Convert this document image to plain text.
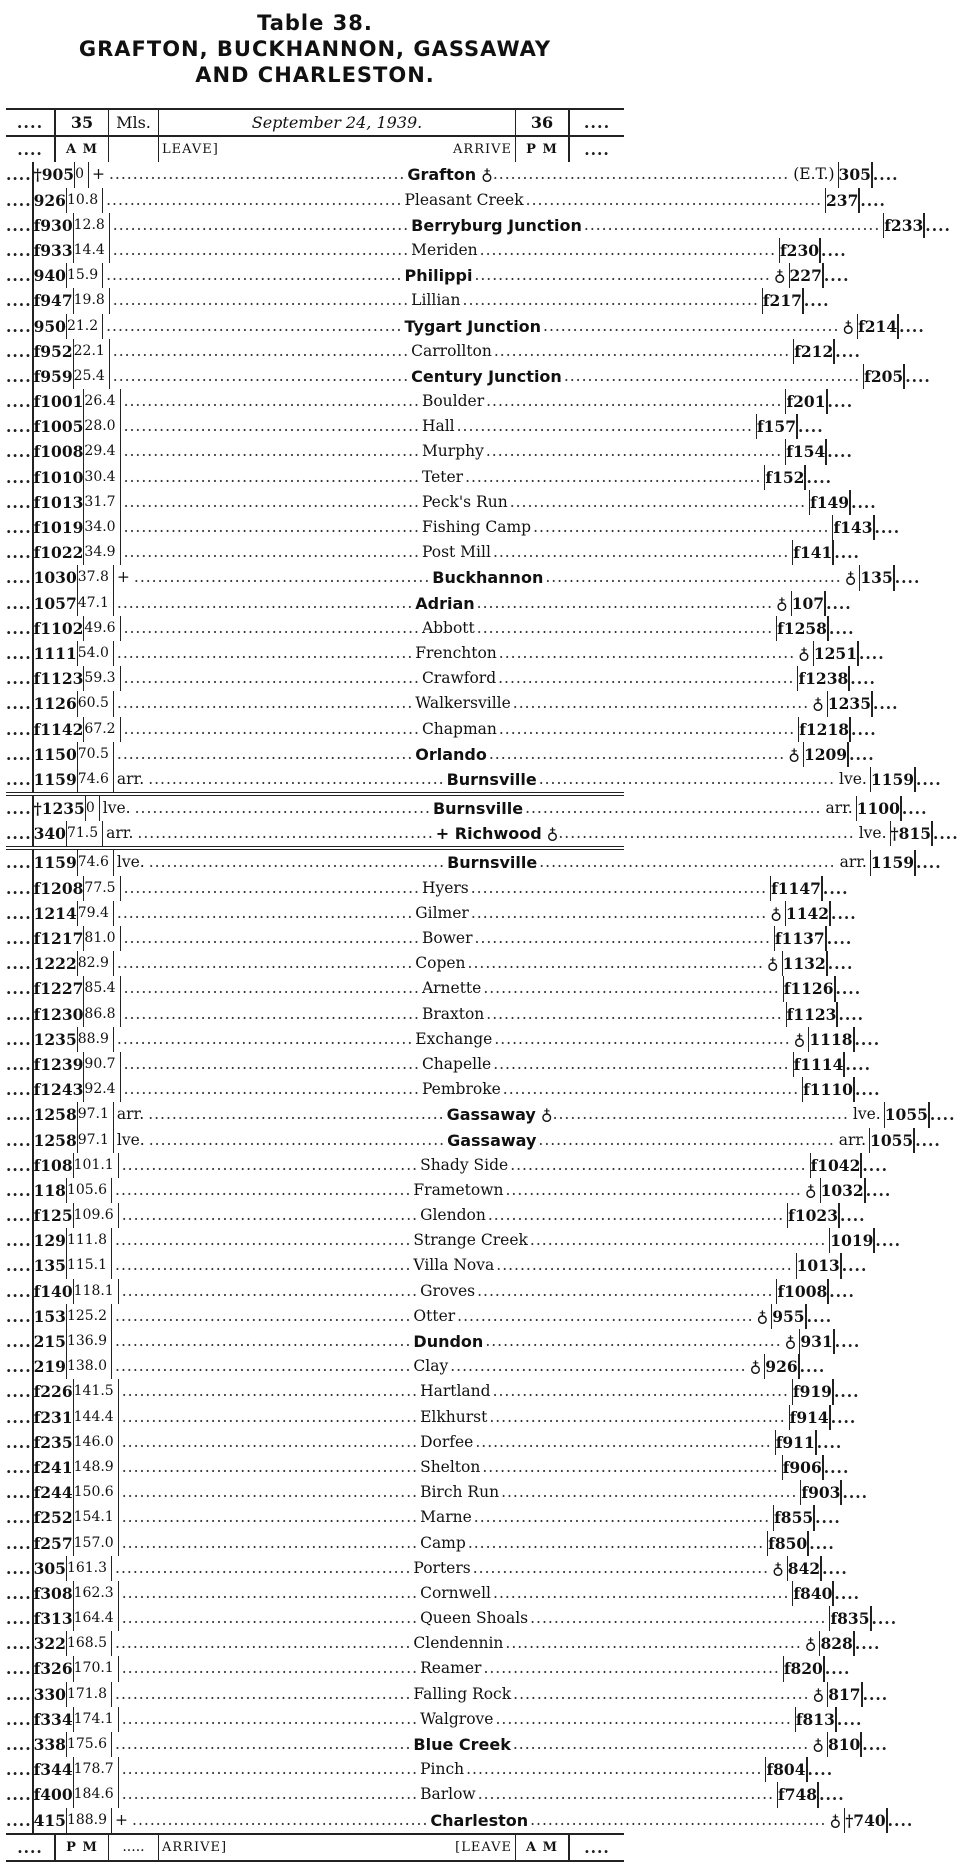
Table 38.
GRAFTON, BUCKHANNON, GASSAWAY
AND CHARLESTON.
....	35	Mls.	September 24, 1939.	36	....
....	A M	LEAVE]	ARRIVE	P M	....
.... †905 0 + .................................................. Grafton ♁ .................................................. (E.T.) 305 ....
.... 926 10.8 .................................................. Pleasant Creek .................................................. 237 ....
.... f930 12.8 .................................................. Berryburg Junction .................................................. f233 ....
.... f933 14.4 .................................................. Meriden .................................................. f230 ....
.... 940 15.9 .................................................. Philippi .................................................. ♁ 227 ....
.... f947 19.8 .................................................. Lillian .................................................. f217 ....
.... 950 21.2 .................................................. Tygart Junction .................................................. ♁ f214 ....
.... f952 22.1 .................................................. Carrollton .................................................. f212 ....
.... f959 25.4 .................................................. Century Junction .................................................. f205 ....
.... f1001 26.4 .................................................. Boulder .................................................. f201 ....
.... f1005 28.0 .................................................. Hall .................................................. f157 ....
.... f1008 29.4 .................................................. Murphy .................................................. f154 ....
.... f1010 30.4 .................................................. Teter .................................................. f152 ....
.... f1013 31.7 .................................................. Peck's Run .................................................. f149 ....
.... f1019 34.0 .................................................. Fishing Camp .................................................. f143 ....
.... f1022 34.9 .................................................. Post Mill .................................................. f141 ....
.... 1030 37.8 + .................................................. Buckhannon .................................................. ♁ 135 ....
.... 1057 47.1 .................................................. Adrian .................................................. ♁ 107 ....
.... f1102 49.6 .................................................. Abbott .................................................. f1258 ....
.... 1111 54.0 .................................................. Frenchton .................................................. ♁ 1251 ....
.... f1123 59.3 .................................................. Crawford .................................................. f1238 ....
.... 1126 60.5 .................................................. Walkersville .................................................. ♁ 1235 ....
.... f1142 67.2 .................................................. Chapman .................................................. f1218 ....
.... 1150 70.5 .................................................. Orlando .................................................. ♁ 1209 ....
.... 1159 74.6 arr. .................................................. Burnsville .................................................. lve. 1159 ....
.... †1235 0 lve. .................................................. Burnsville .................................................. arr. 1100 ....
.... 340 71.5 arr. .................................................. + Richwood ♁ .................................................. lve. †815 ....
.... 1159 74.6 lve. .................................................. Burnsville .................................................. arr. 1159 ....
.... f1208 77.5 .................................................. Hyers .................................................. f1147 ....
.... 1214 79.4 .................................................. Gilmer .................................................. ♁ 1142 ....
.... f1217 81.0 .................................................. Bower .................................................. f1137 ....
.... 1222 82.9 .................................................. Copen .................................................. ♁ 1132 ....
.... f1227 85.4 .................................................. Arnette .................................................. f1126 ....
.... f1230 86.8 .................................................. Braxton .................................................. f1123 ....
.... 1235 88.9 .................................................. Exchange .................................................. ♁ 1118 ....
.... f1239 90.7 .................................................. Chapelle .................................................. f1114 ....
.... f1243 92.4 .................................................. Pembroke .................................................. f1110 ....
.... 1258 97.1 arr. .................................................. Gassaway ♁ .................................................. lve. 1055 ....
.... 1258 97.1 lve. .................................................. Gassaway .................................................. arr. 1055 ....
.... f108 101.1 .................................................. Shady Side .................................................. f1042 ....
.... 118 105.6 .................................................. Frametown .................................................. ♁ 1032 ....
.... f125 109.6 .................................................. Glendon .................................................. f1023 ....
.... 129 111.8 .................................................. Strange Creek .................................................. 1019 ....
.... 135 115.1 .................................................. Villa Nova .................................................. 1013 ....
.... f140 118.1 .................................................. Groves .................................................. f1008 ....
.... 153 125.2 .................................................. Otter .................................................. ♁ 955 ....
.... 215 136.9 .................................................. Dundon .................................................. ♁ 931 ....
.... 219 138.0 .................................................. Clay .................................................. ♁ 926 ....
.... f226 141.5 .................................................. Hartland .................................................. f919 ....
.... f231 144.4 .................................................. Elkhurst .................................................. f914 ....
.... f235 146.0 .................................................. Dorfee .................................................. f911 ....
.... f241 148.9 .................................................. Shelton .................................................. f906 ....
.... f244 150.6 .................................................. Birch Run .................................................. f903 ....
.... f252 154.1 .................................................. Marne .................................................. f855 ....
.... f257 157.0 .................................................. Camp .................................................. f850 ....
.... 305 161.3 .................................................. Porters .................................................. ♁ 842 ....
.... f308 162.3 .................................................. Cornwell .................................................. f840 ....
.... f313 164.4 .................................................. Queen Shoals .................................................. f835 ....
.... 322 168.5 .................................................. Clendennin .................................................. ♁ 828 ....
.... f326 170.1 .................................................. Reamer .................................................. f820 ....
.... 330 171.8 .................................................. Falling Rock .................................................. ♁ 817 ....
.... f334 174.1 .................................................. Walgrove .................................................. f813 ....
.... 338 175.6 .................................................. Blue Creek .................................................. ♁ 810 ....
.... f344 178.7 .................................................. Pinch .................................................. f804 ....
.... f400 184.6 .................................................. Barlow .................................................. f748 ....
.... 415 188.9 + .................................................. Charleston .................................................. ♁ †740 ....
....	P M	.....	ARRIVE]	[LEAVE	A M	....
